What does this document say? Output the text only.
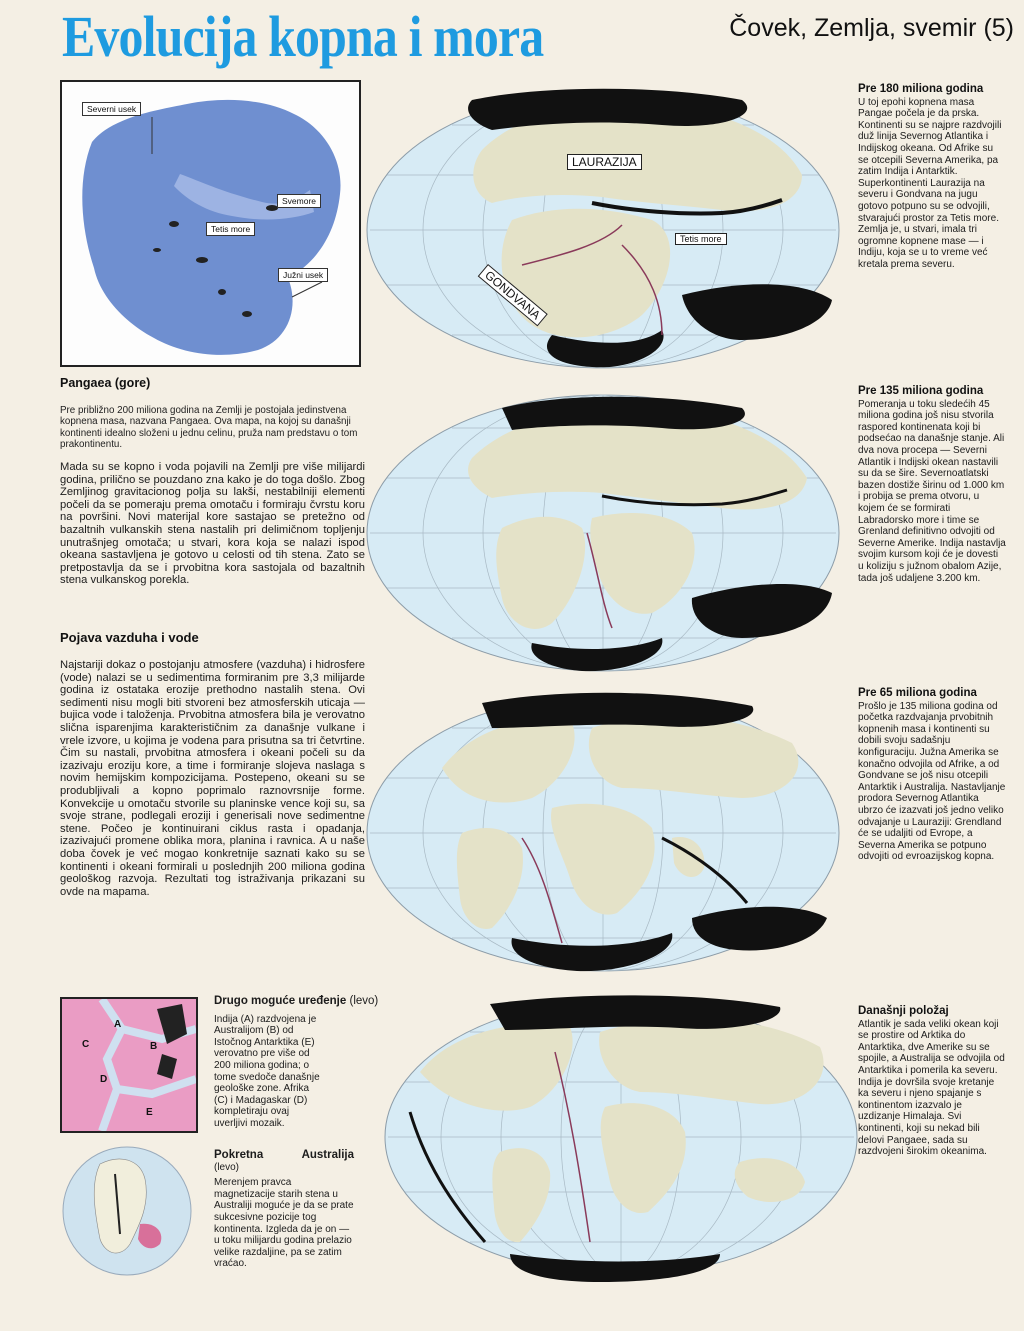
Evolucija kopna i mora	Čovek, Zemlja, svemir (5)
Severni usek
Svemore
Tetis more
Južni usek
Pangaea (gore)
Pre približno 200 miliona godina na Zemlji je postojala jedinstvena kopnena masa, nazvana Pangaea. Ova mapa, na kojoj su današnji kontinenti idealno složeni u jednu celinu, pruža nam predstavu o tom prakontinentu.
Mada su se kopno i voda pojavili na Zemlji pre više milijardi godina, prilično se pouzdano zna kako je do toga došlo. Zbog Zemljinog gravitacionog polja su lakši, nestabilniji elementi počeli da se pomeraju prema omotaču i formiraju čvrstu koru na površini. Novi materijal kore sastajao se pretežno od bazaltnih vulkanskih stena nastalih pri delimičnom topljenju unutrašnjeg omotača; u stvari, kora koja se nalazi ispod okeana sastavljena je gotovo u celosti od tih stena. Zato se pretpostavlja da se i prvobitna kora sastojala od bazaltnih stena vulkanskog porekla.
Pojava vazduha i vode
Najstariji dokaz o postojanju atmosfere (vazduha) i hidrosfere (vode) nalazi se u sedimentima formiranim pre 3,3 milijarde godina iz ostataka erozije prethodno nastalih stena. Ovi sedimenti nisu mogli biti stvoreni bez atmosferskih uticaja — bujica vode i taloženja. Prvobitna atmosfera bila je verovatno slična isparenjima karakterističnim za današnje vulkane i vrele izvore, u kojima je vodena para prisutna sa tri četvrtine. Čim su nastali, prvobitna atmosfera i okeani počeli su da izazivaju eroziju kore, a time i formiranje slojeva naslaga s novim hemijskim kompozicijama. Postepeno, okeani su se produbljivali a kopno poprimalo raznovrsnije forme. Konvekcije u omotaču stvorile su planinske vence koji su, sa svoje strane, podlegali eroziji i generisali nove sedimentne stene. Počeo je kontinuirani ciklus rasta i opadanja, izazivajući promene oblika mora, planina i ravnica. A u naše doba čovek je već mogao konkretnije saznati kako su se kontinenti i okeani formirali u poslednjih 200 miliona godina geološkog razvoja. Rezultati tog istraživanja prikazani su ovde na mapama.
LAURAZIJA
GONDVANA
Tetis more
Pre 180 miliona godina

U toj epohi kopnena masa Pangae počela je da prska. Kontinenti su se najpre razdvojili duž linija Severnog Atlantika i Indijskog okeana. Od Afrike su se otcepili Severna Amerika, pa zatim Indija i Antarktik. Superkontinenti Laurazija na severu i Gondvana na jugu gotovo potpuno su se odvojili, stvarajući prostor za Tetis more. Zemlja je, u stvari, imala tri ogromne kopnene mase — i Indiju, koja se u to vreme već kretala prema severu.

Pre 135 miliona godina

Pomeranja u toku sledećih 45 miliona godina još nisu stvorila raspored kontinenata koji bi podsećao na današnje stanje. Ali dva nova procepa — Severni Atlantik i Indijski okean nastavili su da se šire. Severnoatlatski bazen dostiže širinu od 1.000 km i probija se prema otvoru, u kojem će se formirati Labradorsko more i time se Grenland definitivno odvojiti od Severne Amerike. Indija nastavlja svojim kursom koji će je dovesti u koliziju s južnom obalom Azije, tada još udaljene 3.200 km.

Pre 65 miliona godina

Prošlo je 135 miliona godina od početka razdvajanja prvobitnih kopnenih masa i kontinenti su dobili svoju sadašnju konfiguraciju. Južna Amerika se konačno odvojila od Afrike, a od Gondvane se još nisu otcepili Antarktik i Australija. Nastavljanje prodora Severnog Atlantika ubrzo će izazvati još jedno veliko odvajanje u Lauraziji: Grendland će se udaljiti od Evrope, a Severna Amerika se potpuno odvojiti od evroazijskog kopna.

Današnji položaj

Atlantik je sada veliki okean koji se prostire od Arktika do Antarktika, dve Amerike su se spojile, a Australija se odvojila od Antarktika i pomerila ka severu. Indija je dovršila svoje kretanje ka severu i njeno spajanje s kontinentom izazvalo je uzdizanje Himalaja. Svi kontinenti, koji su nekad bili delovi Pangaee, sada su razdvojeni širokim okeanima.

A
B
C
D
E
Drugo moguće uređenje (levo)
Indija (A) razdvojena je Australijom (B) od Istočnog Antarktika (E) verovatno pre više od 200 miliona godina; o tome svedoče današnje geološke zone. Afrika (C) i Madagaskar (D) kompletiraju ovaj uverljivi mozaik.
Pokretna	Australija
(levo)
Merenjem pravca magnetizacije starih stena u Australiji moguće je da se prate sukcesivne pozicije tog kontinenta. Izgleda da je on — u toku milijardu godina prelazio velike razdaljine, pa se zatim vraćao.
